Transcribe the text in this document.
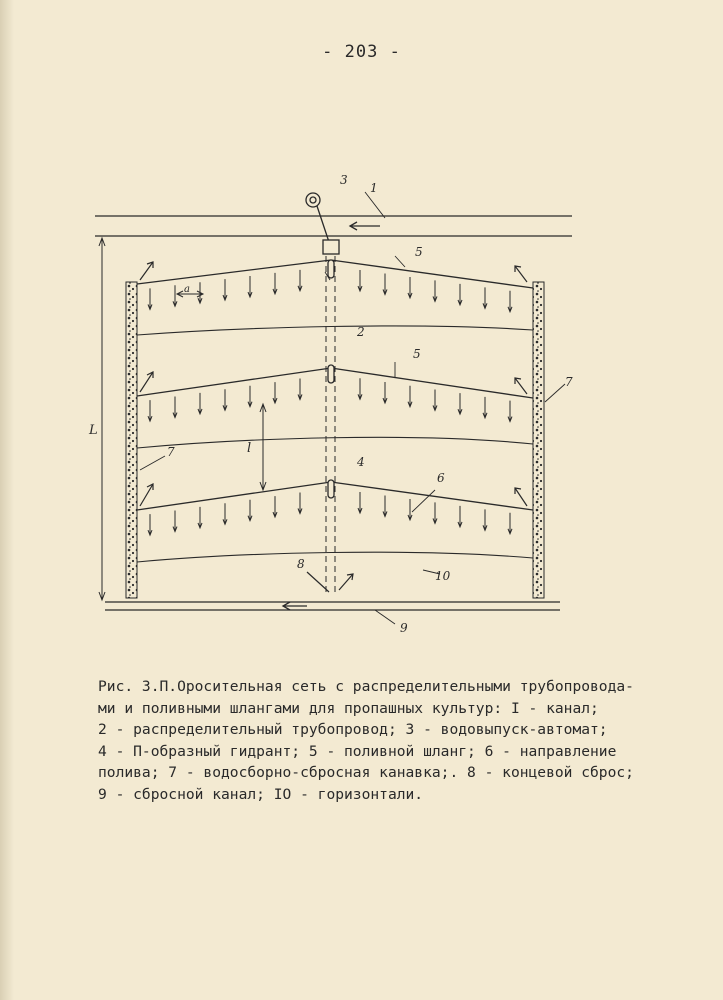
- 203 -
1
3
5
2
5
7
7
4
6
8
10
9
a
l
L
Рис. 3.П.Оросительная сеть с распределительными трубопровода-
ми и поливными шлангами для пропашных культур: I - канал;
2 - распределительный трубопровод; 3 - водовыпуск-автомат;
4 - П-образный гидрант; 5 - поливной шланг; 6 - направление
полива; 7 - водосборно-сбросная канавка;. 8 - концевой сброс;
9 - сбросной канал; IO - горизонтали.
